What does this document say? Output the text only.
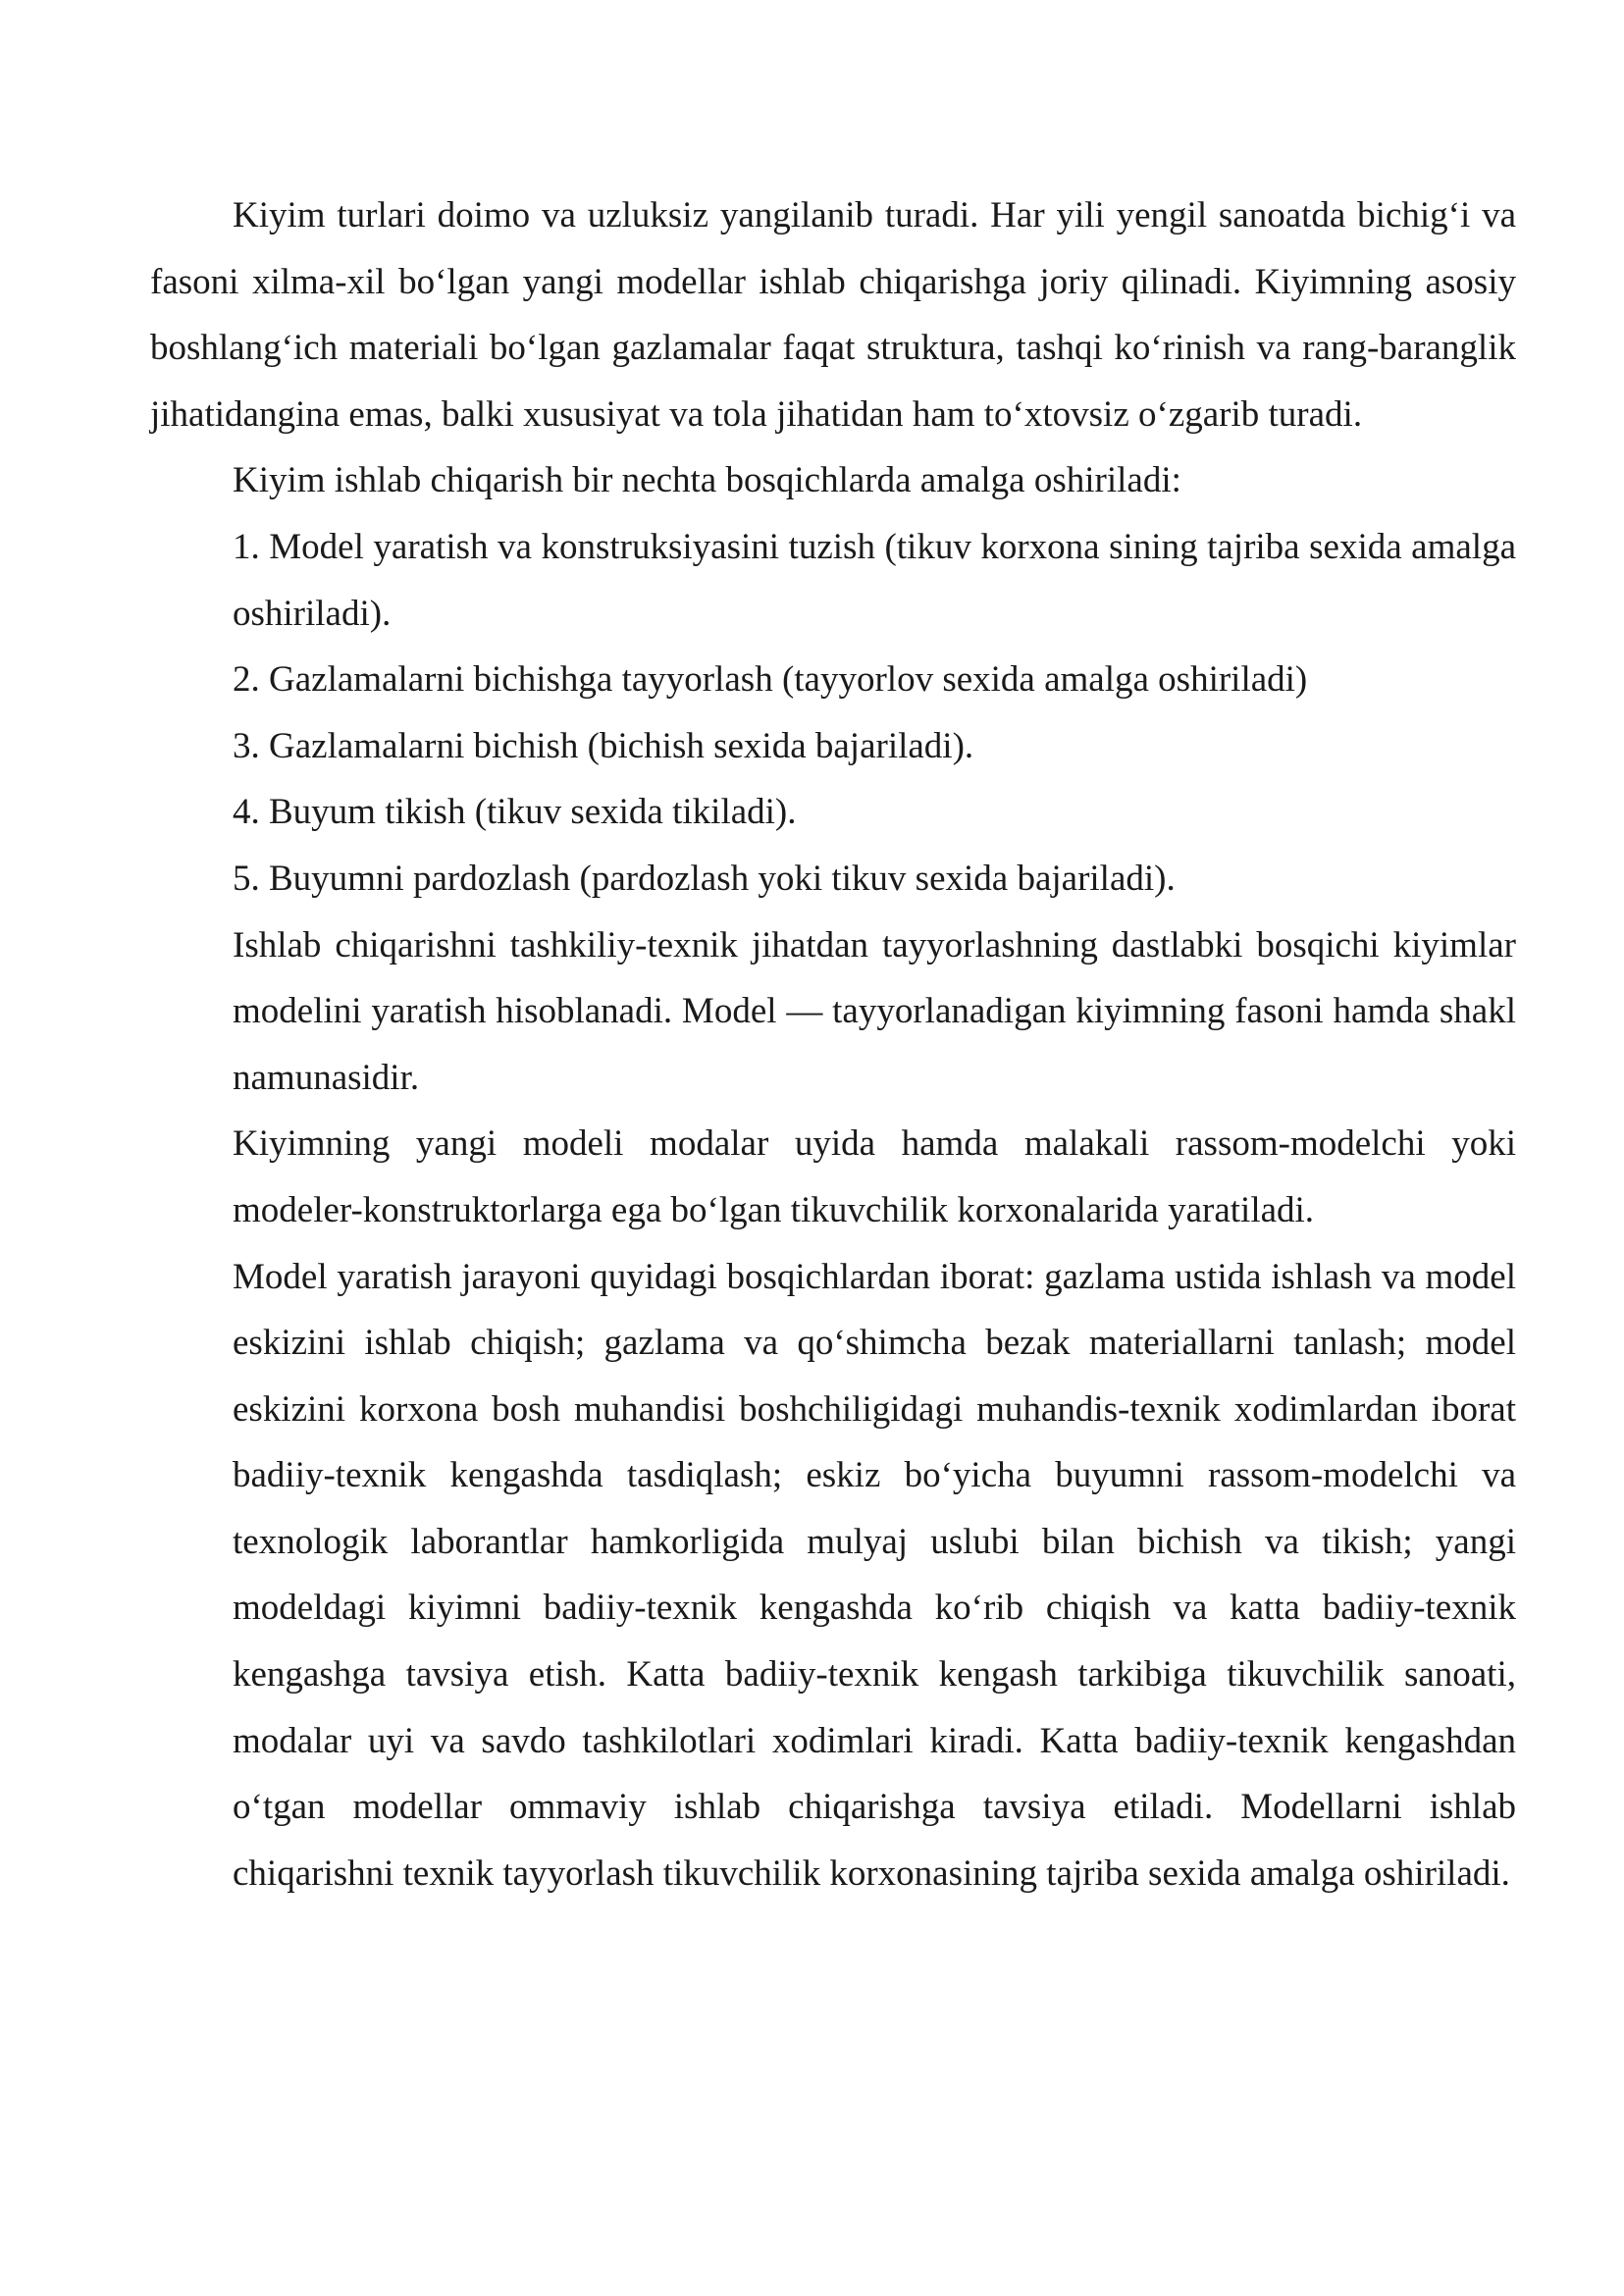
Kiyim turlari doimo va uzluksiz yangilanib turadi. Har yili yengil sanoatda bichig‘i va fasoni xilma-xil bo‘lgan yangi modellar ishlab chiqarishga joriy qilinadi. Kiyimning asosiy boshlang‘ich materiali bo‘lgan gazlamalar faqat struktura, tashqi ko‘rinish va rang-baranglik jihatidangina emas, balki xususiyat va tola jihatidan ham to‘xtovsiz o‘zgarib turadi.

Kiyim ishlab chiqarish bir nechta bosqichlarda amalga oshiriladi:

1. Model yaratish va konstruksiyasini tuzish (tikuv korxona sining tajriba sexida amalga oshiriladi).

2. Gazlamalarni bichishga tayyorlash (tayyorlov sexida amalga oshiriladi)

3. Gazlamalarni bichish (bichish sexida bajariladi).

4. Buyum tikish (tikuv sexida tikiladi).

5. Buyumni pardozlash (pardozlash yoki tikuv sexida bajariladi).

Ishlab chiqarishni tashkiliy-texnik jihatdan tayyorlashning dastlabki bosqichi kiyimlar modelini yaratish hisoblanadi. Model — tayyorlanadigan kiyimning fasoni hamda shakl namunasidir.

Kiyimning yangi modeli modalar uyida hamda malakali rassom-modelchi yoki modeler-konstruktorlarga ega bo‘lgan tikuvchilik korxonalarida yaratiladi.

Model yaratish jarayoni quyidagi bosqichlardan iborat: gazlama ustida ishlash va model eskizini ishlab chiqish; gazlama va qo‘shimcha bezak materiallarni tanlash; model eskizini korxona bosh muhandisi boshchiligidagi muhandis-texnik xodimlardan iborat badiiy-texnik kengashda tasdiqlash; eskiz bo‘yicha buyumni rassom-modelchi va texnologik laborantlar hamkorligida mulyaj uslubi bilan bichish va tikish; yangi modeldagi kiyimni badiiy-texnik kengashda ko‘rib chiqish va katta badiiy-texnik kengashga tavsiya etish. Katta badiiy-texnik kengash tarkibiga tikuvchilik sanoati, modalar uyi va savdo tashkilotlari xodimlari kiradi. Katta badiiy-texnik kengashdan o‘tgan modellar ommaviy ishlab chiqarishga tavsiya etiladi. Modellarni ishlab chiqarishni texnik tayyorlash tikuvchilik korxonasining tajriba sexida amalga oshiriladi.
